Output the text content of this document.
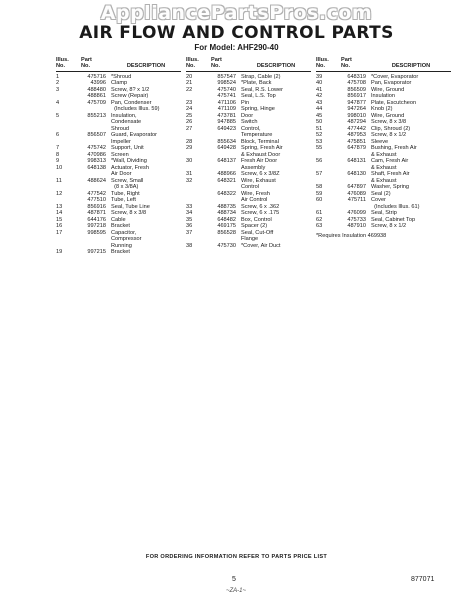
AppliancePartsPros.com
AIR FLOW AND CONTROL PARTS
For Model: AHF290-40
Illus.
No.
Part
No.	DESCRIPTION
1	475716 *Shroud
2	43996 Clamp
3	488480 Screw, 8? x 1/2
488861 Screw (Repair)
4	475709 Pan, Condenser
(Includes Illus. 59)
5	855213 Insulation,
Condensate
Shroud
6	856507 Guard, Evaporator
Impeller
7	475742 Support, Unit
8	470986 Screen
9	998313 *Wall, Dividing
10	648138 Actuator, Fresh
Air Door
11	488624 Screw, Small
(8 x 3/8A)
12	477542 Tube, Right
477510 Tube, Left
13	856916 Seal, Tube Line
14	487871 Screw, 8 x 3/8
15	644176 Cable
16	997218 Bracket
17	998595 Capacitor,
Compressor
Running
19	997215 Bracket
Illus.
No.
Part
No.	DESCRIPTION
20	857547 Strap, Cable (2)
21	998524 *Plate, Back
22	475740 Seal, R.S. Lower
475741 Seal, L.S. Top
23	471106 Pin
24	471109 Spring, Hinge
25	473781 Door
26	947885 Switch
27	649423 Control,
Temperature
28	855634 Block, Terminal
29	649428 Spring, Fresh Air
& Exhaust Door
30	648137 Fresh Air Door
Assembly
31	488966 Screw, 6 x 3/8Z
32	648321 Wire, Exhaust
Control
648322 Wire, Fresh
Air Control
33	488735 Screw, 6 x .362
34	488734 Screw, 6 x .175
35	648482 Box, Control
36	469175 Spacer (2)
37	856528 Seal, Cut-Off
Flange
38	475730 *Cover, Air Duct
Illus.
No.
Part
No.	DESCRIPTION
39	648319 *Cover, Evaporator
40	475708 Pan, Evaporator
41	856509 Wire, Ground
42	856917 Insulation
43	947877 Plate, Escutcheon
44	947264 Knob (2)
45	998010 Wire, Ground
50	487294 Screw, 8 x 3/8
51	477442 Clip, Shroud (2)
52	487953 Screw, 8 x 1/2
53	475851 Sleeve
55	647879 Bushing, Fresh Air
& Exhaust
56	648131 Cam, Fresh Air
& Exhaust
57	648130 Shaft, Fresh Air
& Exhaust
58	647897 Washer, Spring
59	476089 Seal (2)
60	475711 Cover
(Includes Illus. 61)
61	476099 Seal, Strip
62	475733 Seal, Cabinet Top
63	487910 Screw, 8 x 1/2
*Requires Insulation 469938
FOR ORDERING INFORMATION REFER TO PARTS PRICE LIST
5	877071
~ZA-1~
